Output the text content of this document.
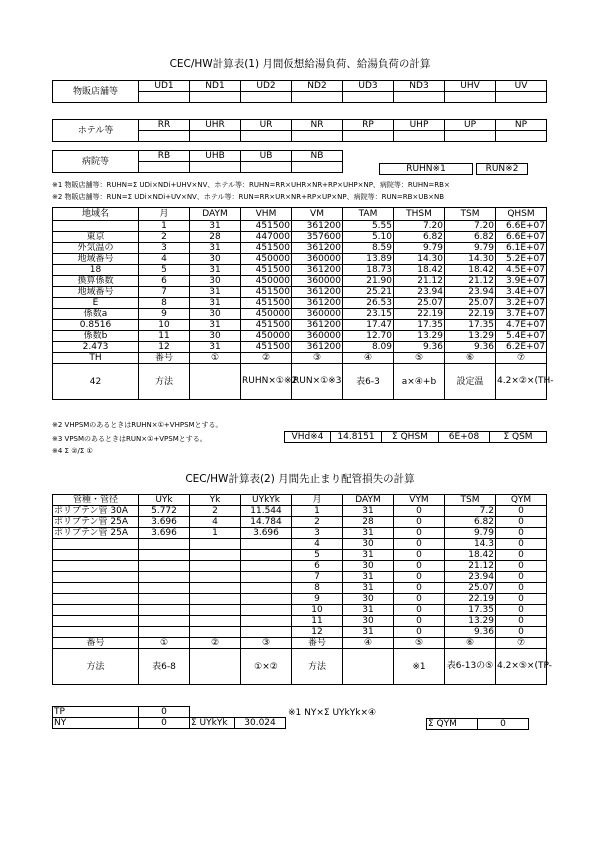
CEC/HW計算表(1) 月間仮想給湯負荷、給湯負荷の計算
CEC/HW計算表(2) 月間先止まり配管損失の計算
物販店舗等	UD1	ND1	UD2	ND2	UD3	ND3	UHV	UV

ホテル等	RR	UHR	UR	NR	RP	UHP	UP	NP

病院等	RB	UHB	UB	NB

RUHN※1	RUN※2
※1 物販店舗等：RUHN=Σ UDi×NDi+UHV×NV、ホテル等：RUHN=RR×UHR×NR+RP×UHP×NP、病院等：RUHN=RB×
※2 物販店舗等：RUN=Σ UDi×NDi+UV×NV、ホテル等：RUN=RR×UR×NR+RP×UP×NP、病院等：RUN=RB×UB×NB
地域名	月	DAYM	VHM	VM	TAM	THSM	TSM	QHSM
	1	31	451500	361200	5.55	7.20	7.20	6.6E+07
東京	2	28	447000	357600	5.10	6.82	6.82	6.6E+07
外気温の	3	31	451500	361200	8.59	9.79	9.79	6.1E+07
地域番号	4	30	450000	360000	13.89	14.30	14.30	5.2E+07
18	5	31	451500	361200	18.73	18.42	18.42	4.5E+07
換算係数	6	30	450000	360000	21.90	21.12	21.12	3.9E+07
地域番号	7	31	451500	361200	25.21	23.94	23.94	3.4E+07
E	8	31	451500	361200	26.53	25.07	25.07	3.2E+07
係数a	9	30	450000	360000	23.15	22.19	22.19	3.7E+07
0.8516	10	31	451500	361200	17.47	17.35	17.35	4.7E+07
係数b	11	30	450000	360000	12.70	13.29	13.29	5.4E+07
2.473	12	31	451500	361200	8.09	9.36	9.36	6.2E+07
TH	番号	①	②	③	④	⑤	⑥	⑦
42	方法		RUHN×①※2	RUN×①※3	表6-3	a×④+b	設定温	4.2×②×(TH-
※2 VHPSMのあるときはRUHN×①+VHPSMとする。
※3 VPSMのあるときはRUN×①+VPSMとする。
※4 Σ ②/Σ ①
VHd※4	14.8151	Σ QHSM	6E+08	Σ QSM
管種・管径	UYk	Yk	UYkYk	月	DAYM	VYM	TSM	QYM
ポリブテン管 30A	5.772	2	11.544	1	31	0	7.2	0
ポリブテン管 25A	3.696	4	14.784	2	28	0	6.82	0
ポリブテン管 25A	3.696	1	3.696	3	31	0	9.79	0
				4	30	0	14.3	0
				5	31	0	18.42	0
				6	30	0	21.12	0
				7	31	0	23.94	0
				8	31	0	25.07	0
				9	30	0	22.19	0
				10	31	0	17.35	0
				11	30	0	13.29	0
				12	31	0	9.36	0
番号	①	②	③	番号	④	⑤	⑥	⑦
方法	表6-8		①×②	方法		※1	表6-13の⑤	4.2×⑤×(TP-
TP	0		
NY	0	Σ UYkYk	30.024
※1 NY×Σ UYkYk×④
Σ QYM	0
